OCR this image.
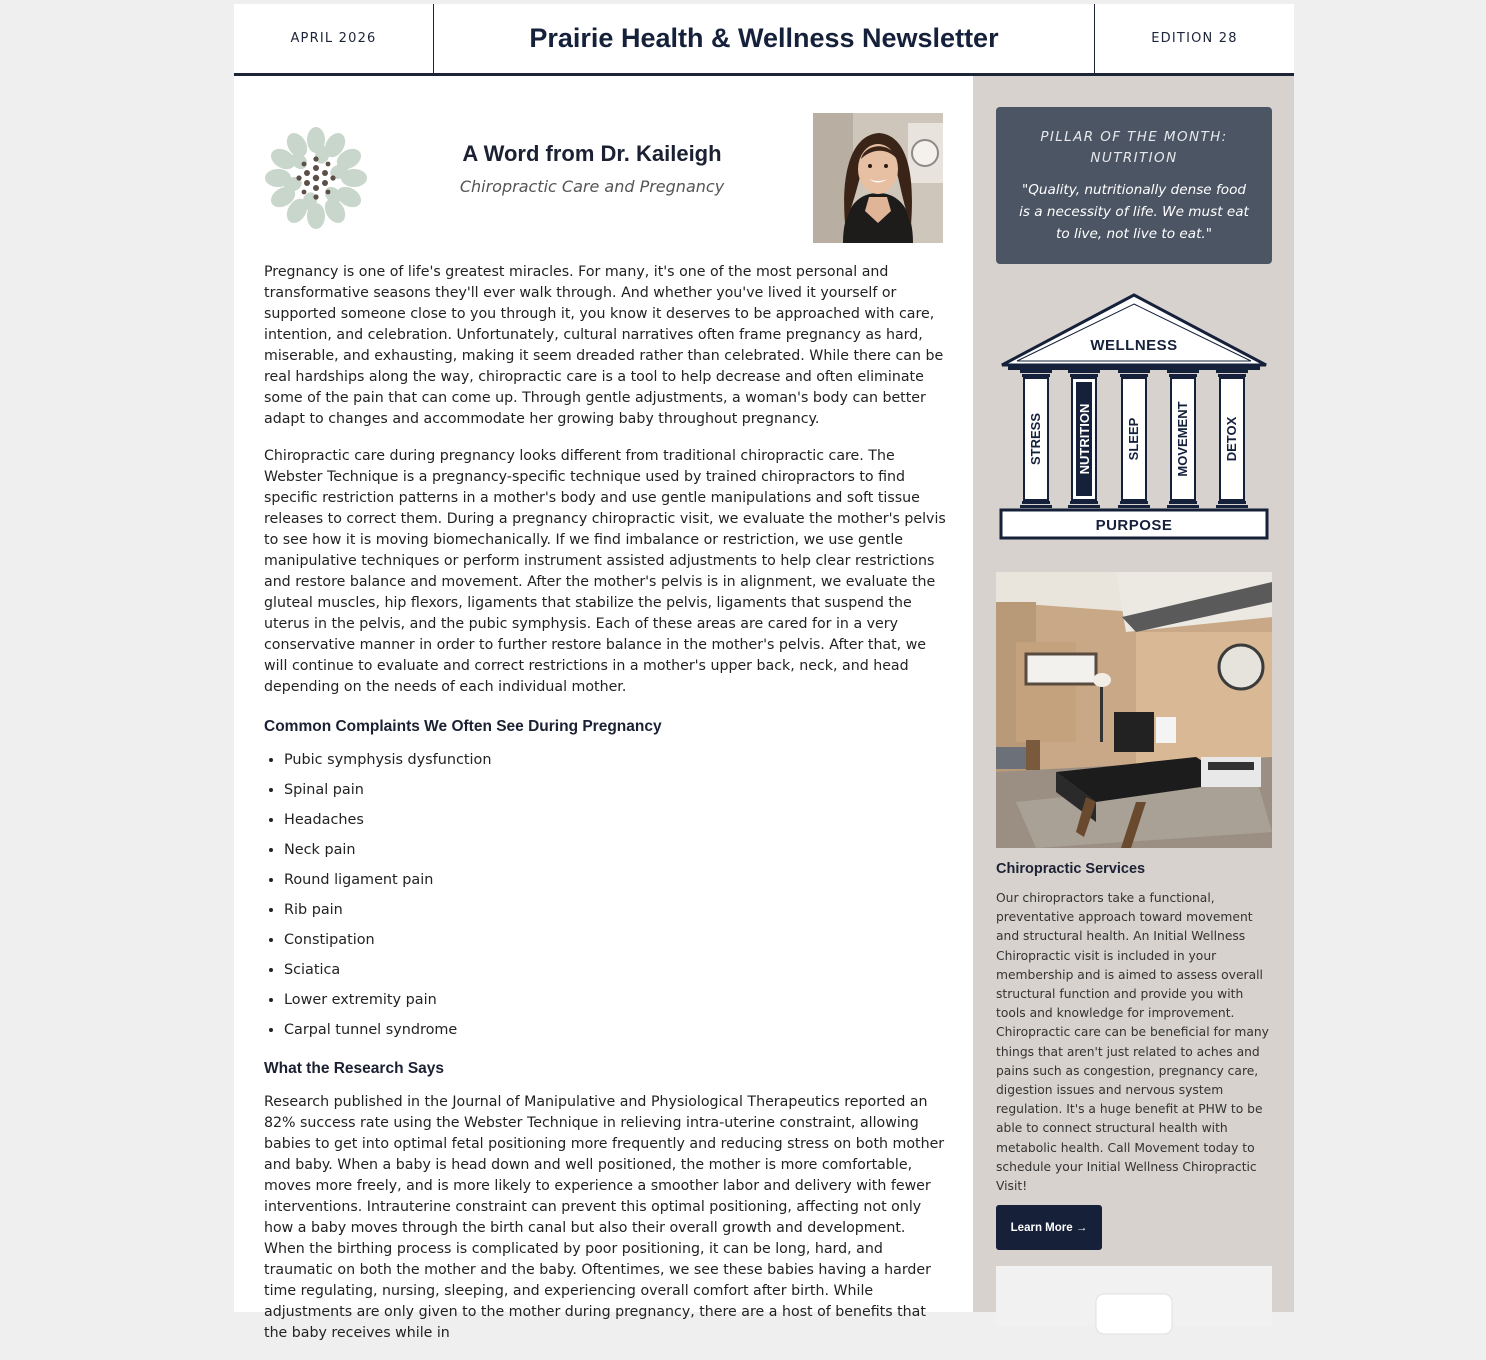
APRIL 2026	Prairie Health & Wellness Newsletter	EDITION 28
A Word from Dr. Kaileigh
Chiropractic Care and Pregnancy

Pregnancy is one of life's greatest miracles. For many, it's one of the most personal and transformative seasons they'll ever walk through. And whether you've lived it yourself or supported someone close to you through it, you know it deserves to be approached with care, intention, and celebration. Unfortunately, cultural narratives often frame pregnancy as hard, miserable, and exhausting, making it seem dreaded rather than celebrated. While there can be real hardships along the way, chiropractic care is a tool to help decrease and often eliminate some of the pain that can come up. Through gentle adjustments, a woman's body can better adapt to changes and accommodate her growing baby throughout pregnancy.

Chiropractic care during pregnancy looks different from traditional chiropractic care. The Webster Technique is a pregnancy-specific technique used by trained chiropractors to find specific restriction patterns in a mother's body and use gentle manipulations and soft tissue releases to correct them. During a pregnancy chiropractic visit, we evaluate the mother's pelvis to see how it is moving biomechanically. If we find imbalance or restriction, we use gentle manipulative techniques or perform instrument assisted adjustments to help clear restrictions and restore balance and movement. After the mother's pelvis is in alignment, we evaluate the gluteal muscles, hip flexors, ligaments that stabilize the pelvis, ligaments that suspend the uterus in the pelvis, and the pubic symphysis. Each of these areas are cared for in a very conservative manner in order to further restore balance in the mother's pelvis. After that, we will continue to evaluate and correct restrictions in a mother's upper back, neck, and head depending on the needs of each individual mother.

Common Complaints We Often See During Pregnancy
• Pubic symphysis dysfunction
• Spinal pain
• Headaches
• Neck pain
• Round ligament pain
• Rib pain
• Constipation
• Sciatica
• Lower extremity pain
• Carpal tunnel syndrome
What the Research Says

Research published in the Journal of Manipulative and Physiological Therapeutics reported an 82% success rate using the Webster Technique in relieving intra-uterine constraint, allowing babies to get into optimal fetal positioning more frequently and reducing stress on both mother and baby. When a baby is head down and well positioned, the mother is more comfortable, moves more freely, and is more likely to experience a smoother labor and delivery with fewer interventions. Intrauterine constraint can prevent this optimal positioning, affecting not only how a baby moves through the birth canal but also their overall growth and development. When the birthing process is complicated by poor positioning, it can be long, hard, and traumatic on both the mother and the baby. Oftentimes, we see these babies having a harder time regulating, nursing, sleeping, and experiencing overall comfort after birth. While adjustments are only given to the mother during pregnancy, there are a host of benefits that the baby receives while in

PILLAR OF THE MONTH: NUTRITION
"Quality, nutritionally dense food is a necessity of life. We must eat to live, not live to eat."
WELLNESS
STRESS	NUTRITION	SLEEP	MOVEMENT	DETOX
PURPOSE
Chiropractic Services
Our chiropractors take a functional, preventative approach toward movement and structural health. An Initial Wellness Chiropractic visit is included in your membership and is aimed to assess overall structural function and provide you with tools and knowledge for improvement. Chiropractic care can be beneficial for many things that aren't just related to aches and pains such as congestion, pregnancy care, digestion issues and nervous system regulation. It's a huge benefit at PHW to be able to connect structural health with metabolic health. Call Movement today to schedule your Initial Wellness Chiropractic Visit!
Learn More →
